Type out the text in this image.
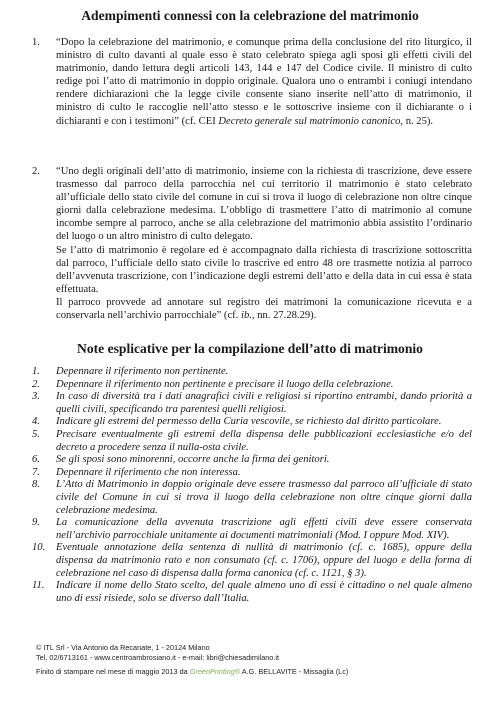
Adempimenti connessi con la celebrazione del matrimonio
1. “Dopo la celebrazione del matrimonio, e comunque prima della conclusione del rito liturgico, il ministro di culto davanti al quale esso è stato celebrato spiega agli sposi gli effetti civili del matrimonio, dando lettura degli articoli 143, 144 e 147 del Codice civile. Il ministro di culto redige poi l’atto di matrimonio in doppio originale. Qualora uno o entrambi i coniugi intendano rendere dichiarazioni che la legge civile consente siano inserite nell’atto di matrimonio, il ministro di culto le raccoglie nell’atto stesso e le sottoscrive insieme con il dichiarante o i dichiaranti e con i testimoni” (cf. CEI Decreto generale sul matrimonio canonico, n. 25).

2. “Uno degli originali dell’atto di matrimonio, insieme con la richiesta di trascrizione, deve essere trasmesso dal parroco della parrocchia nel cui territorio il matrimonio è stato celebrato all’ufficiale dello stato civile del comune in cui si trova il luogo di celebrazione non oltre cinque giorni dalla celebrazione medesima. L’obbligo di trasmettere l’atto di matrimonio al comune incombe sempre al parroco, anche se alla celebrazione del matrimonio abbia assistito l’ordinario del luogo o un altro ministro di culto delegato.

Se l’atto di matrimonio è regolare ed è accompagnato dalla richiesta di trascrizione sottoscritta dal parroco, l’ufficiale dello stato civile lo trascrive ed entro 48 ore trasmette notizia al parroco dell’avvenuta trascrizione, con l’indicazione degli estremi dell’atto e della data in cui essa è stata effettuata.

Il parroco provvede ad annotare sul registro dei matrimoni la comunicazione ricevuta e a conservarla nell’archivio parrocchiale” (cf. ib., nn. 27.28.29).

Note esplicative per la compilazione dell’atto di matrimonio
1. Depennare il riferimento non pertinente.
2. Depennare il riferimento non pertinente e precisare il luogo della celebrazione.
3. In caso di diversità tra i dati anagrafici civili e religiosi si riportino entrambi, dando priorità a quelli civili, specificando tra parentesi quelli religiosi.
4. Indicare gli estremi del permesso della Curia vescovile, se richiesto dal diritto particolare.
5. Precisare eventualmente gli estremi della dispensa delle pubblicazioni ecclesiastiche e/o del decreto a procedere senza il nulla-osta civile.
6. Se gli sposi sono minorenni, occorre anche la firma dei genitori.
7. Depennare il riferimento che non interessa.
8. L’Atto di Matrimonio in doppio originale deve essere trasmesso dal parroco all’ufficiale di stato civile del Comune in cui si trova il luogo della celebrazione non oltre cinque giorni dalla celebrazione medesima.
9. La comunicazione della avvenuta trascrizione agli effetti civili deve essere conservata nell’archivio parrocchiale unitamente ai documenti matrimoniali (Mod. I oppure Mod. XIV).
10. Eventuale annotazione della sentenza di nullità di matrimonio (cf. c. 1685), oppure della dispensa da matrimonio rato e non consumato (cf. c. 1706), oppure del luogo e della forma di celebrazione nel caso di dispensa dalla forma canonica (cf. c. 1121, § 3).
11. Indicare il nome dello Stato scelto, del quale almeno uno di essi è cittadino o nel quale almeno uno di essi risiede, solo se diverso dall’Italia.
© ITL Srl - Via Antonio da Recanate, 1 - 20124 Milano
Tel. 02/6713161 - www.centroambrosiano.it - e-mail: libri@chiesadimilano.it
Finito di stampare nel mese di maggio 2013 da GreenPrinting® A.G. BELLAVITE - Missaglia (Lc)
